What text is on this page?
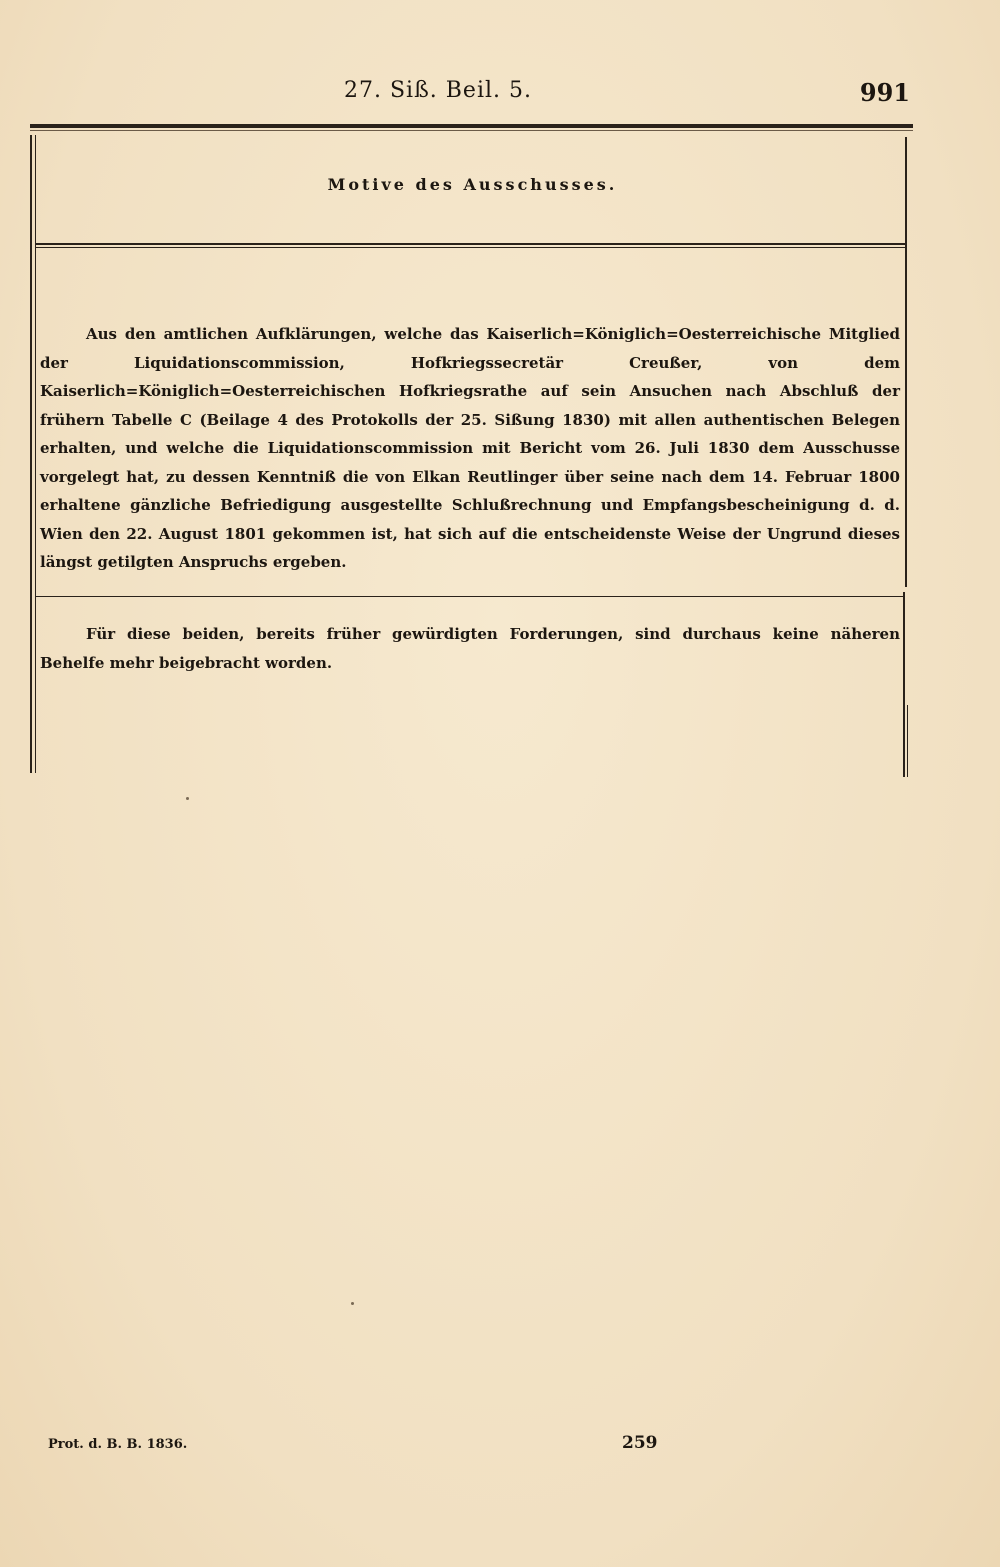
27. Siß. Beil. 5.	991
Motive des Ausschusses.

Aus den amtlichen Aufklärungen, welche das Kaiserlich=Königlich=Oesterreichische Mitglied der Liquidationscommission, Hofkriegssecretär Creußer, von dem Kaiserlich=Königlich=Oesterreichischen Hofkriegsrathe auf sein Ansuchen nach Abschluß der frühern Tabelle C (Beilage 4 des Protokolls der 25. Sißung 1830) mit allen authentischen Belegen erhalten, und welche die Liquidationscommission mit Bericht vom 26. Juli 1830 dem Ausschusse vorgelegt hat, zu dessen Kenntniß die von Elkan Reutlinger über seine nach dem 14. Februar 1800 erhaltene gänzliche Befriedigung ausgestellte Schlußrechnung und Empfangsbescheinigung d. d. Wien den 22. August 1801 gekommen ist, hat sich auf die entscheidenste Weise der Ungrund dieses längst getilgten Anspruchs ergeben.

Für diese beiden, bereits früher gewürdigten Forderungen, sind durchaus keine näheren Behelfe mehr beigebracht worden.

Prot. d. B. B. 1836.	259
